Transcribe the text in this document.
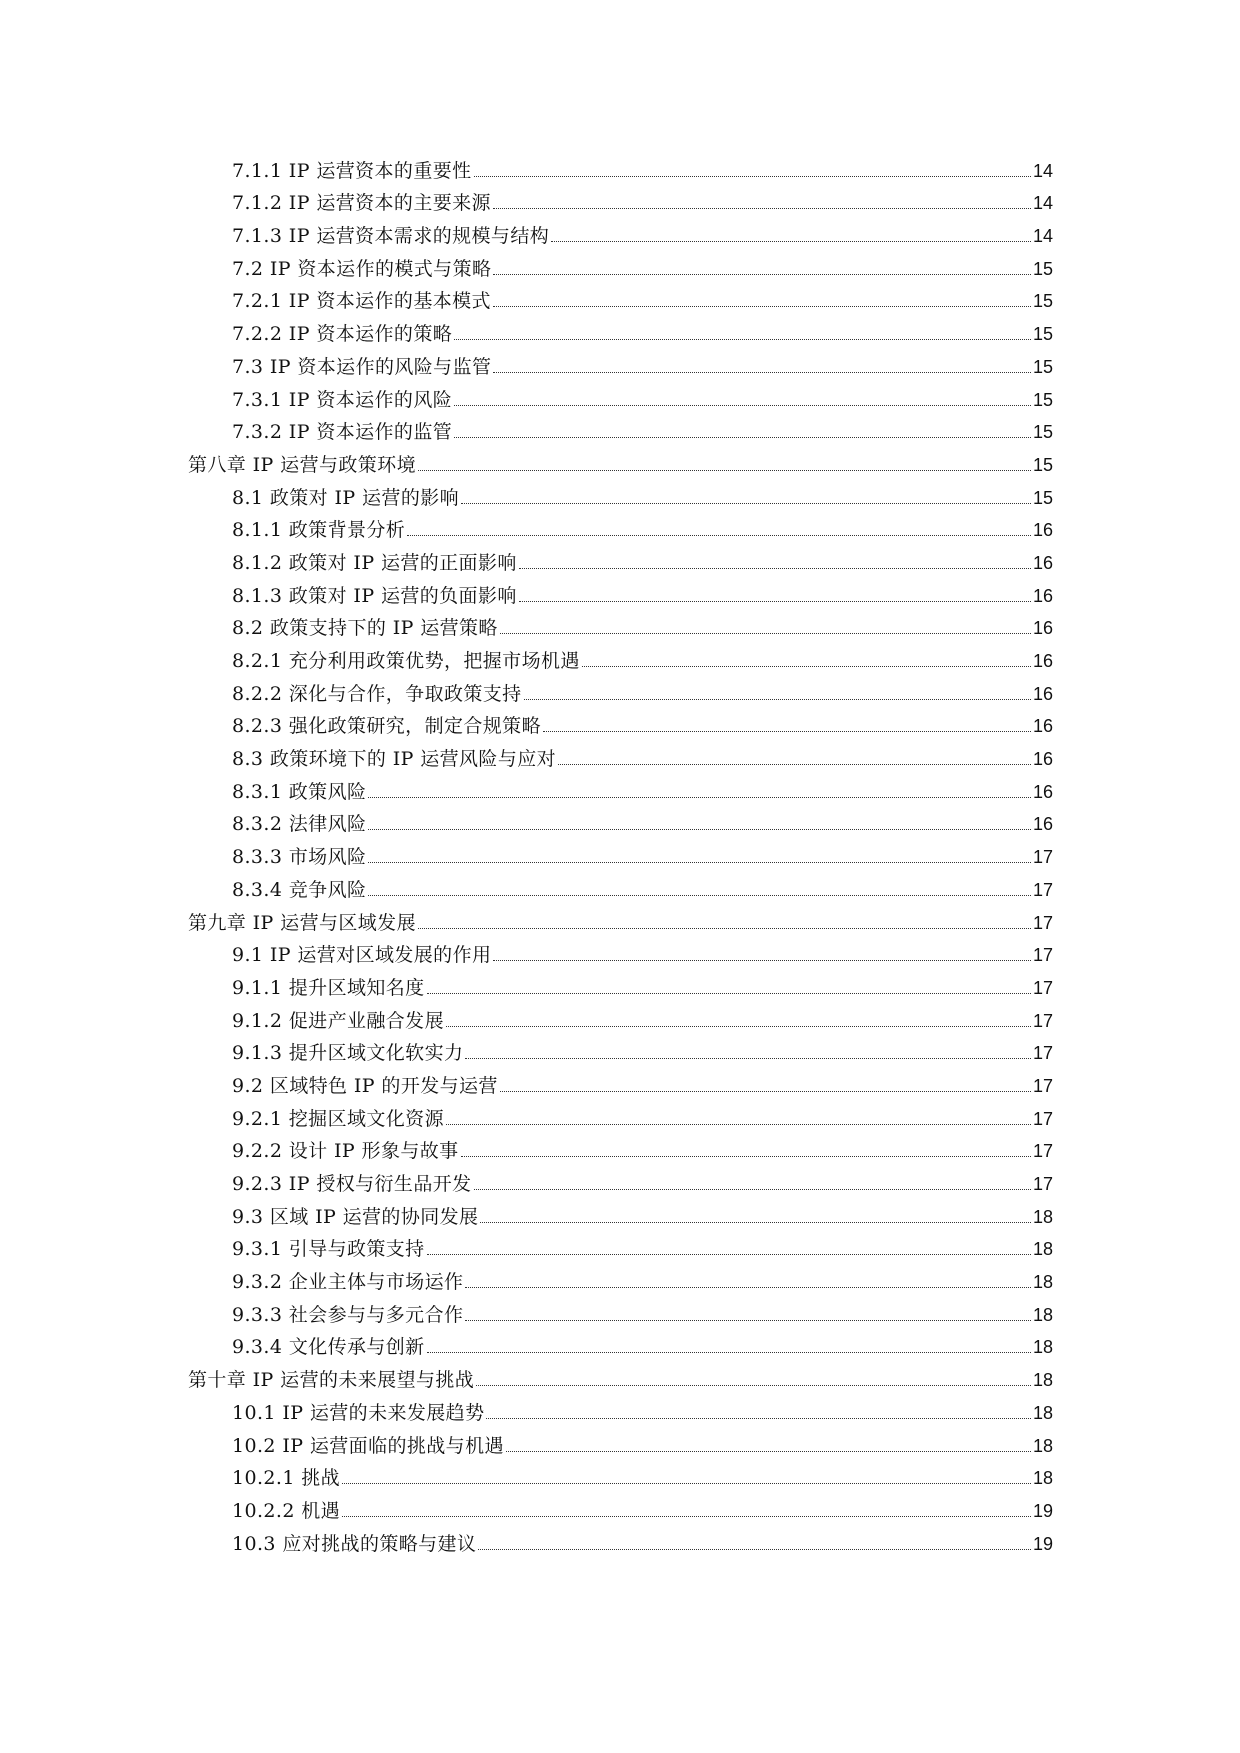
7.1.1 IP 运营资本的重要性	14
7.1.2 IP 运营资本的主要来源	14
7.1.3 IP 运营资本需求的规模与结构	14
7.2 IP 资本运作的模式与策略	15
7.2.1 IP 资本运作的基本模式	15
7.2.2 IP 资本运作的策略	15
7.3 IP 资本运作的风险与监管	15
7.3.1 IP 资本运作的风险	15
7.3.2 IP 资本运作的监管	15
第八章 IP 运营与政策环境	15
8.1 政策对 IP 运营的影响	15
8.1.1 政策背景分析	16
8.1.2 政策对 IP 运营的正面影响	16
8.1.3 政策对 IP 运营的负面影响	16
8.2 政策支持下的 IP 运营策略	16
8.2.1 充分利用政策优势，把握市场机遇	16
8.2.2 深化与合作，争取政策支持	16
8.2.3 强化政策研究，制定合规策略	16
8.3 政策环境下的 IP 运营风险与应对	16
8.3.1 政策风险	16
8.3.2 法律风险	16
8.3.3 市场风险	17
8.3.4 竞争风险	17
第九章 IP 运营与区域发展	17
9.1 IP 运营对区域发展的作用	17
9.1.1 提升区域知名度	17
9.1.2 促进产业融合发展	17
9.1.3 提升区域文化软实力	17
9.2 区域特色 IP 的开发与运营	17
9.2.1 挖掘区域文化资源	17
9.2.2 设计 IP 形象与故事	17
9.2.3 IP 授权与衍生品开发	17
9.3 区域 IP 运营的协同发展	18
9.3.1 引导与政策支持	18
9.3.2 企业主体与市场运作	18
9.3.3 社会参与与多元合作	18
9.3.4 文化传承与创新	18
第十章 IP 运营的未来展望与挑战	18
10.1 IP 运营的未来发展趋势	18
10.2 IP 运营面临的挑战与机遇	18
10.2.1 挑战	18
10.2.2 机遇	19
10.3 应对挑战的策略与建议	19
